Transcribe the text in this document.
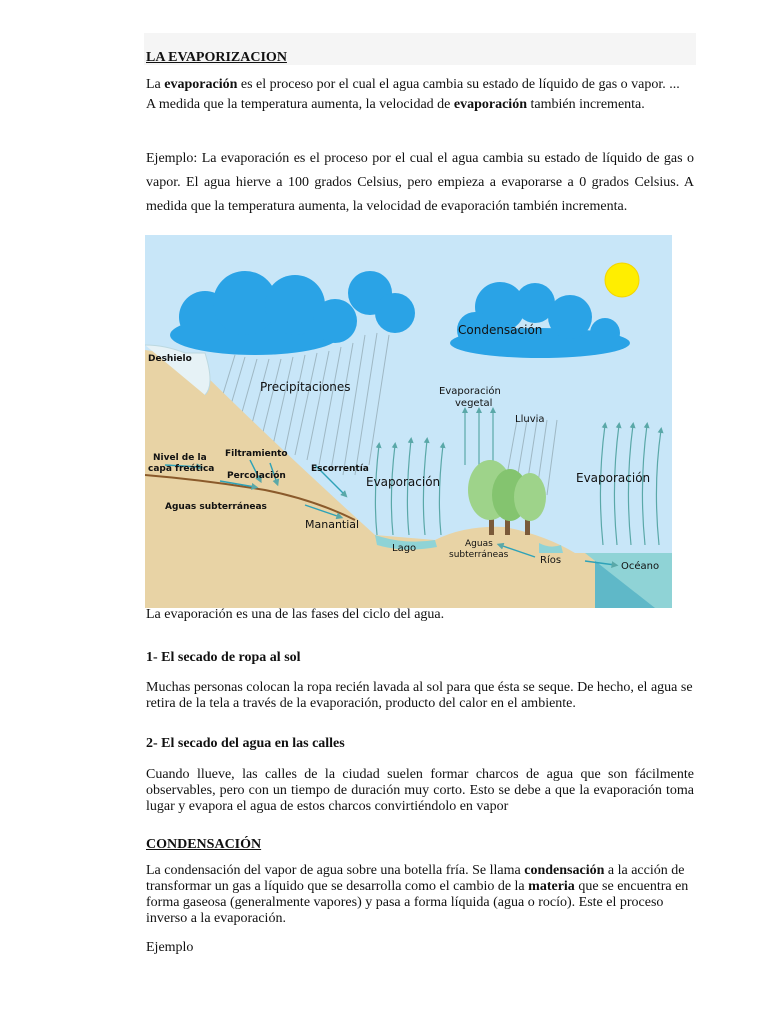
LA EVAPORIZACION

La evaporación es el proceso por el cual el agua cambia su estado de líquido de gas o vapor. ...
A medida que la temperatura aumenta, la velocidad de evaporación también incrementa.

Ejemplo: La evaporación es el proceso por el cual el agua cambia su estado de líquido de gas o vapor. El agua hierve a 100 grados Celsius, pero empieza a evaporarse a 0 grados Celsius. A medida que la temperatura aumenta, la velocidad de evaporación también incrementa.

Condensación
Deshielo
Precipitaciones	Evaporación
vegetal
Lluvia
Nivel de la
capa freática
Filtramiento
Percolación
Escorrentía
Evaporación	Evaporación
Aguas subterráneas
Manantial
Lago	Aguas
subterráneas	Ríos
Océano
La evaporación es una de las fases del ciclo del agua.
1- El secado de ropa al sol

Muchas personas colocan la ropa recién lavada al sol para que ésta se seque. De hecho, el agua se retira de la tela a través de la evaporación, producto del calor en el ambiente.

2- El secado del agua en las calles

Cuando llueve, las calles de la ciudad suelen formar charcos de agua que son fácilmente observables, pero con un tiempo de duración muy corto. Esto se debe a que la evaporación toma lugar y evapora el agua de estos charcos convirtiéndolo en vapor

CONDENSACIÓN

La condensación del vapor de agua sobre una botella fría. Se llama condensación a la acción de transformar un gas a líquido que se desarrolla como el cambio de la materia que se encuentra en forma gaseosa (generalmente vapores) y pasa a forma líquida (agua o rocío). Este el proceso inverso a la evaporación.

Ejemplo
